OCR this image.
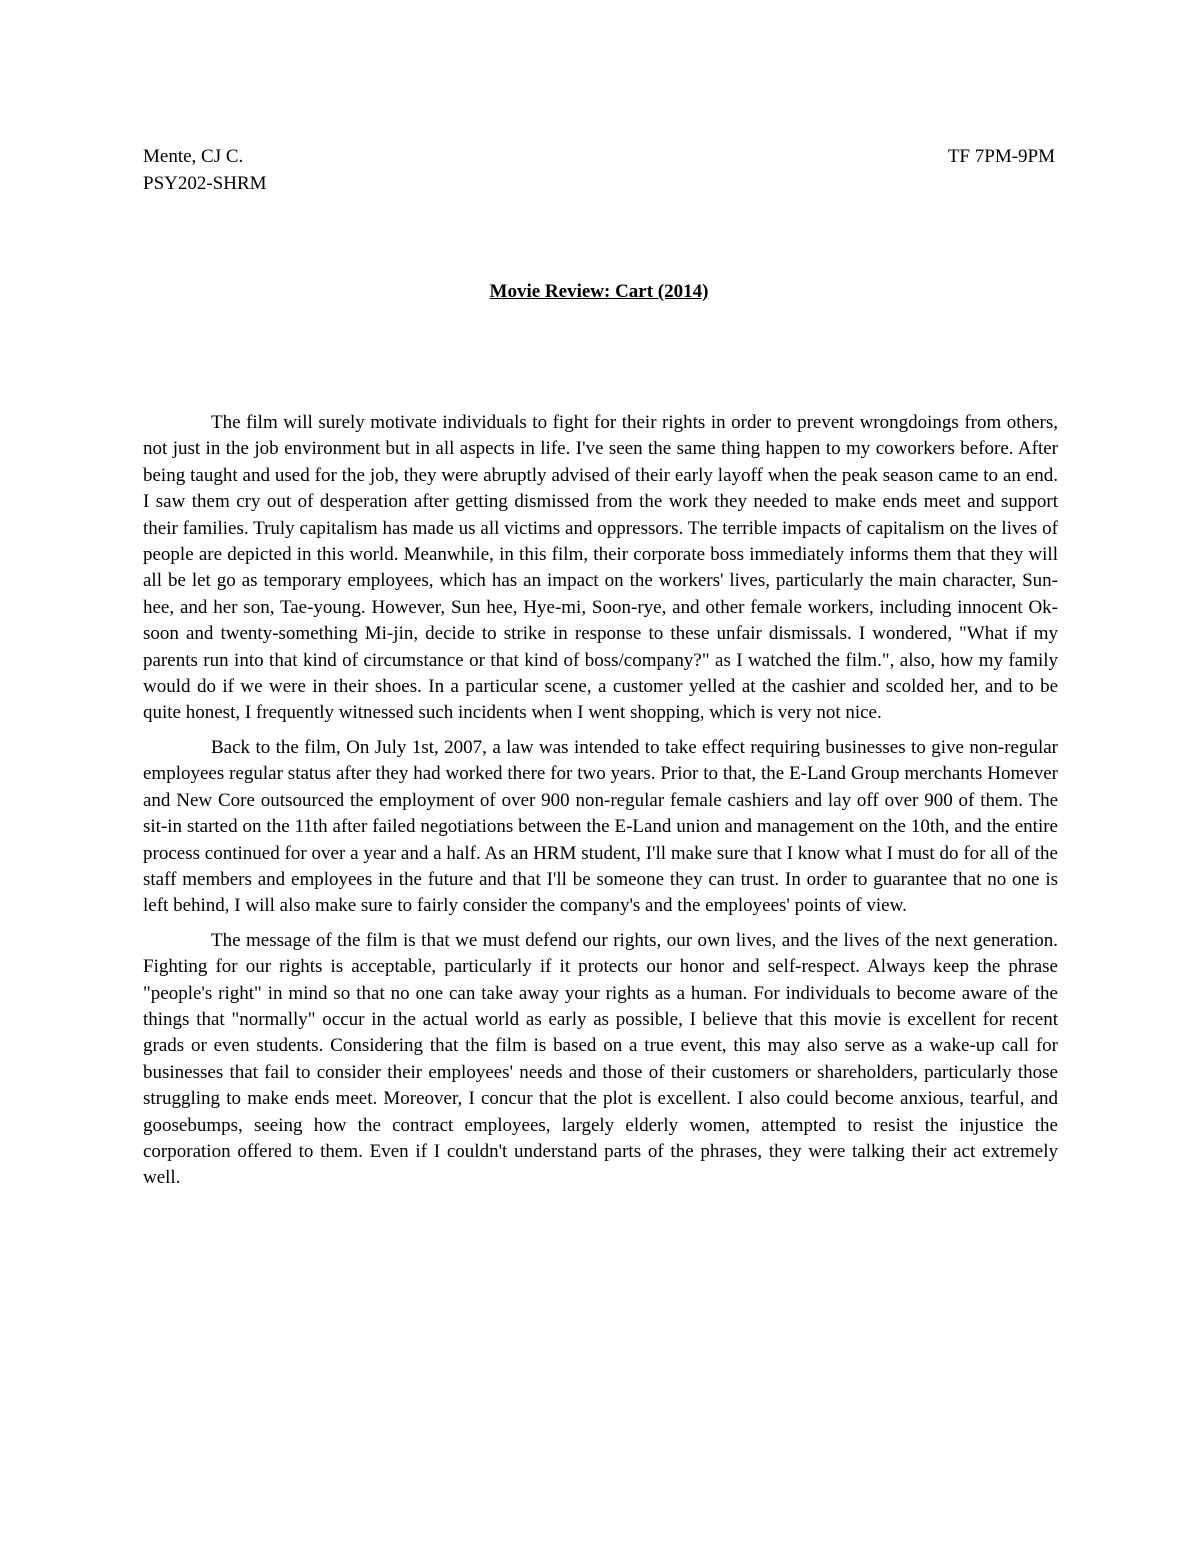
Mente, CJ C.	TF 7PM-9PM
PSY202-SHRM
Movie Review: Cart (2014)

The film will surely motivate individuals to fight for their rights in order to prevent wrongdoings from others, not just in the job environment but in all aspects in life. I've seen the same thing happen to my coworkers before. After being taught and used for the job, they were abruptly advised of their early layoff when the peak season came to an end. I saw them cry out of desperation after getting dismissed from the work they needed to make ends meet and support their families. Truly capitalism has made us all victims and oppressors. The terrible impacts of capitalism on the lives of people are depicted in this world. Meanwhile, in this film, their corporate boss immediately informs them that they will all be let go as temporary employees, which has an impact on the workers' lives, particularly the main character, Sun-hee, and her son, Tae-young. However, Sun hee, Hye-mi, Soon-rye, and other female workers, including innocent Ok-soon and twenty-something Mi-jin, decide to strike in response to these unfair dismissals. I wondered, "What if my parents run into that kind of circumstance or that kind of boss/company?" as I watched the film.", also, how my family would do if we were in their shoes. In a particular scene, a customer yelled at the cashier and scolded her, and to be quite honest, I frequently witnessed such incidents when I went shopping, which is very not nice.

Back to the film, On July 1st, 2007, a law was intended to take effect requiring businesses to give non-regular employees regular status after they had worked there for two years. Prior to that, the E-Land Group merchants Homever and New Core outsourced the employment of over 900 non-regular female cashiers and lay off over 900 of them. The sit-in started on the 11th after failed negotiations between the E-Land union and management on the 10th, and the entire process continued for over a year and a half. As an HRM student, I'll make sure that I know what I must do for all of the staff members and employees in the future and that I'll be someone they can trust. In order to guarantee that no one is left behind, I will also make sure to fairly consider the company's and the employees' points of view.

The message of the film is that we must defend our rights, our own lives, and the lives of the next generation. Fighting for our rights is acceptable, particularly if it protects our honor and self-respect. Always keep the phrase "people's right" in mind so that no one can take away your rights as a human. For individuals to become aware of the things that "normally" occur in the actual world as early as possible, I believe that this movie is excellent for recent grads or even students. Considering that the film is based on a true event, this may also serve as a wake-up call for businesses that fail to consider their employees' needs and those of their customers or shareholders, particularly those struggling to make ends meet. Moreover, I concur that the plot is excellent. I also could become anxious, tearful, and goosebumps, seeing how the contract employees, largely elderly women, attempted to resist the injustice the corporation offered to them. Even if I couldn't understand parts of the phrases, they were talking their act extremely well.
